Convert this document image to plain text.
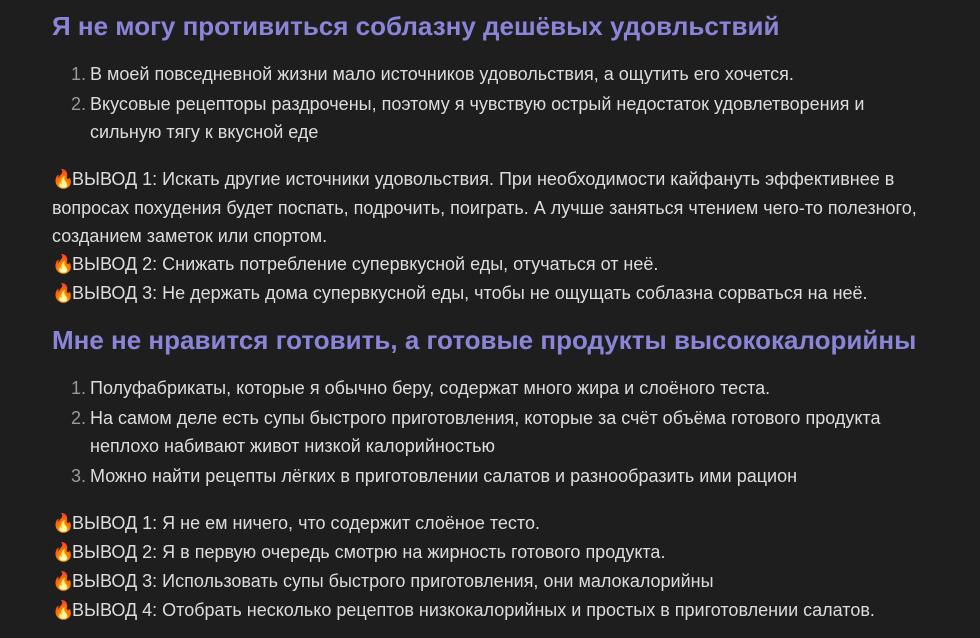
Я не могу противиться соблазну дешёвых удовльствий
1. В моей повседневной жизни мало источников удовольствия, а ощутить его хочется.
2. Вкусовые рецепторы раздрочены, поэтому я чувствую острый недостаток удовлетворения и сильную тягу к вкусной еде

🔥ВЫВОД 1: Искать другие источники удовольствия. При необходимости кайфануть эффективнее в вопросах похудения будет поспать, подрочить, поиграть. А лучше заняться чтением чего-то полезного, созданием заметок или спортом.

🔥ВЫВОД 2: Снижать потребление супервкусной еды, отучаться от неё.

🔥ВЫВОД 3: Не держать дома супервкусной еды, чтобы не ощущать соблазна сорваться на неё.

Мне не нравится готовить, а готовые продукты высококалорийны
1. Полуфабрикаты, которые я обычно беру, содержат много жира и слоёного теста.
2. На самом деле есть супы быстрого приготовления, которые за счёт объёма готового продукта неплохо набивают живот низкой калорийностью
3. Можно найти рецепты лёгких в приготовлении салатов и разнообразить ими рацион

🔥ВЫВОД 1: Я не ем ничего, что содержит слоёное тесто.

🔥ВЫВОД 2: Я в первую очередь смотрю на жирность готового продукта.

🔥ВЫВОД 3: Использовать супы быстрого приготовления, они малокалорийны

🔥ВЫВОД 4: Отобрать несколько рецептов низкокалорийных и простых в приготовлении салатов.
